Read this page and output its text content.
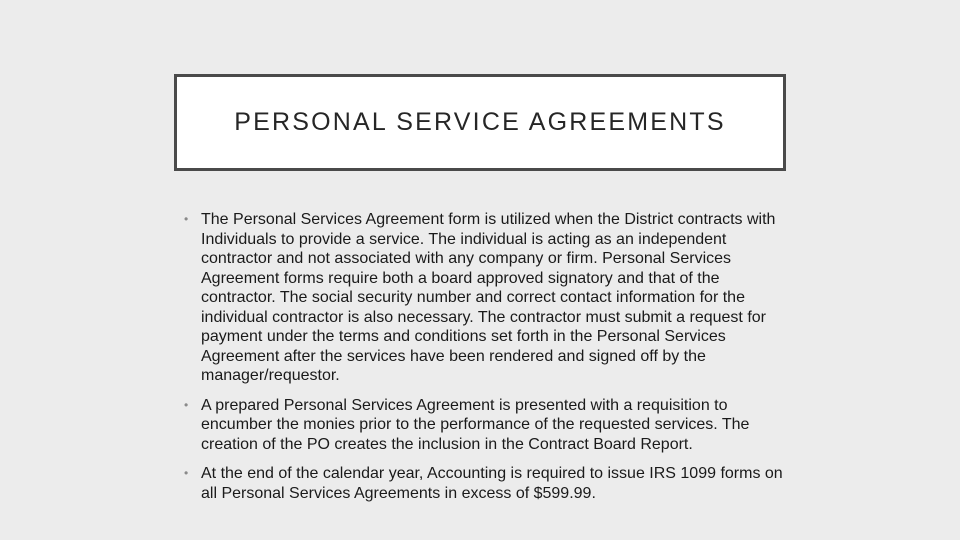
PERSONAL SERVICE AGREEMENTS
• The Personal Services Agreement form is utilized when the District contracts with Individuals to provide a service. The individual is acting as an independent contractor and not associated with any company or firm. Personal Services Agreement forms require both a board approved signatory and that of the contractor. The social security number and correct contact information for the individual contractor is also necessary. The contractor must submit a request for payment under the terms and conditions set forth in the Personal Services Agreement after the services have been rendered and signed off by the manager/requestor.
• A prepared Personal Services Agreement is presented with a requisition to encumber the monies prior to the performance of the requested services. The creation of the PO creates the inclusion in the Contract Board Report.
• At the end of the calendar year, Accounting is required to issue IRS 1099 forms on all Personal Services Agreements in excess of $599.99.
